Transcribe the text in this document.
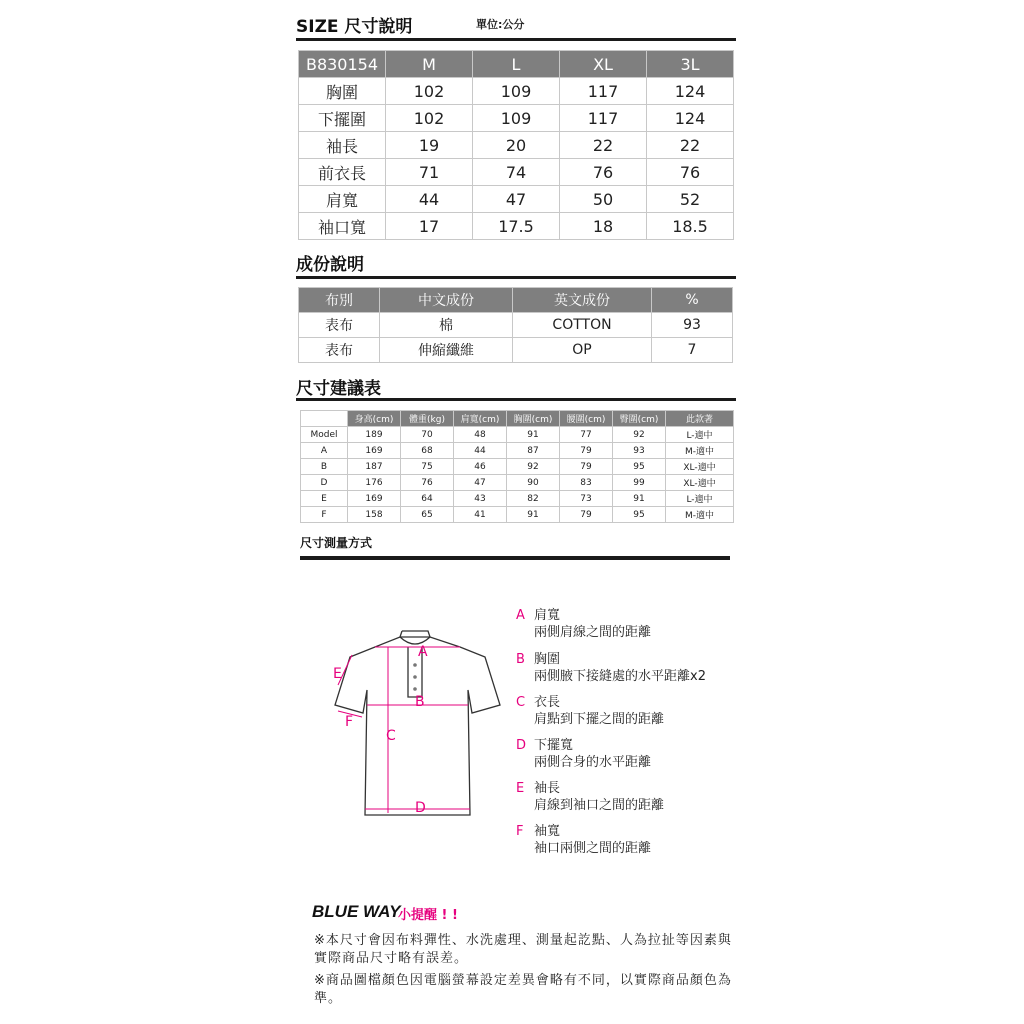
SIZE 尺寸說明	單位:公分
B830154	M	L	XL	3L
胸圍	102	109	117	124
下擺圍	102	109	117	124
袖長	19	20	22	22
前衣長	71	74	76	76
肩寬	44	47	50	52
袖口寬	17	17.5	18	18.5
成份說明
布別	中文成份	英文成份	%
表布	棉	COTTON	93
表布	伸縮纖維	OP	7
尺寸建議表
	身高(cm)	體重(kg)	肩寬(cm)	胸圍(cm)	腰圍(cm)	臀圍(cm)	此款著
Model	189	70	48	91	77	92	L-適中
A	169	68	44	87	79	93	M-適中
B	187	75	46	92	79	95	XL-適中
D	176	76	47	90	83	99	XL-適中
E	169	64	43	82	73	91	L-適中
F	158	65	41	91	79	95	M-適中
尺寸測量方式
A
B
C
D
E
F
A 肩寬
兩側肩線之間的距離
B 胸圍
兩側腋下接縫處的水平距離x2
C 衣長
肩點到下擺之間的距離
D 下擺寬
兩側合身的水平距離
E 袖長
肩線到袖口之間的距離
F 袖寬
袖口兩側之間的距離
BLUE WAY
小提醒 ! !
※本尺寸會因布料彈性、水洗處理、測量起訖點、人為拉扯等因素與實際商品尺寸略有誤差。
※商品圖檔顏色因電腦螢幕設定差異會略有不同，以實際商品顏色為準。
